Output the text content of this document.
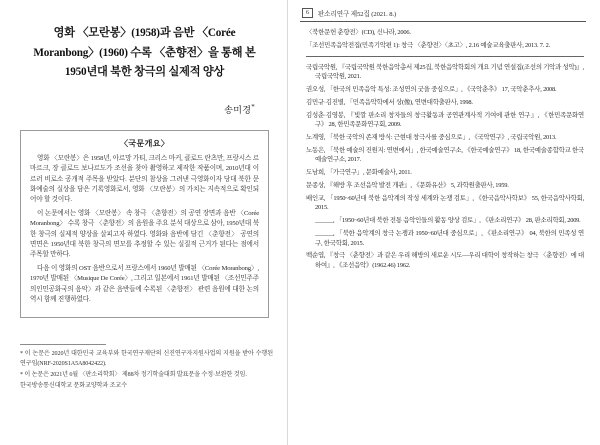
영화 〈모란봉〉(1958)과 음반 〈Corée
Moranbong〉(1960) 수록 〈춘향전〉을 통해 본
1950년대 북한 창극의 실제적 양상
송미경*
〈국문개요〉

영화 〈모란봉〉은 1958년, 아르망 가티, 크리스 마커, 클로드 란츠만, 프랑시스 르마르크, 장 클로드 보나르도가 조선을 찾아 촬영하고 제작한 작품이며, 2010년대 이르러 비로소 공개적 주목을 받았다. 분단의 참상을 그려낸 극영화이자 당대 북한 문화예술의 실상을 담은 기록영화로서, 영화 〈모란봉〉의 가치는 지속적으로 확인되어야 할 것이다.

이 논문에서는 영화 〈모란봉〉 속 창극 〈춘향전〉의 공연 장면과 음반 〈Corée Moranbong〉 수록 창극 〈춘향전〉의 음원을 주요 분석 대상으로 삼아, 1950년대 북한 창극의 실제적 양상을 살피고자 하였다. 영화와 음반에 담긴 〈춘향전〉 공연의 면면은 1950년대 북한 창극의 면모를 추정할 수 있는 실질적 근거가 된다는 점에서 주목할 만하다.

다음 이 영화의 OST 음반으로서 프랑스에서 1960년 발매된 〈Corée Moranbong〉, 1970년 발매된 〈Musique De Corée〉, 그리고 일본에서 1961년 발매된 〈조선민주주의인민공화국의 음악〉과 같은 음반들에 수록된 〈춘향전〉 관련 음원에 대한 논의 역시 함께 진행하였다.

* 이 논문은 2020년 대한민국 교육부와 한국연구재단의 신진연구자지원사업의 지원을 받아 수행된 연구임(NRF-2020S1A5A8042422).

* 이 논문은 2021년 6월 〈판소리학회〉 제88차 정기학술대회 발표문을 수정·보완한 것임.

한국방송통신대학교 문화교양학과 조교수

6	판소리연구 제52집 (2021. 8.)
〈북한문헌 춘향전〉(CD), 신나라, 2006.
「조선민족음악전집(민족기악편 1): 창극 〈춘향전〉〈초고〉, 2.16 예술교육출판사, 2013. 7. 2.
국립국악원, 『국립국악원 북한음악총서 제25집, 북한음악학회의 개요 기념 연설집(조선의 기악과 성악)』, 국립국악원, 2021.
권오성, 「한국의 민족음악 특성: 조성연의 굿을 중심으로」, 《국악춘추》 17, 국악춘추사, 2008.
김민규·김진별, 「민족음악학에서 상(像), 연변대학출판사, 1998.
김성춘·김영봉, 『빛깔 판소리 창자들의 창극활동과 공연관계사적 기여에 관한 연구』, 《한민족문화연구》 28, 한민족문화연구회, 2009.
노계영, 「북한 국악의 존재 방식: 근현대 창극사를 중심으로」, 《국악연구》, 국립국악원, 2013.
노동은, 「북한 예술의 진원지: 연변에서」, 한국예술연구소, 《한국예술연구》 18, 한국예술종합학교 한국예술연구소, 2017.
도남희, 「가극연구」, 문화예술사, 2011.
문종상, 『해방 후 조선음악 발전 개관』, 《문화유산》 5, 과학원출판사, 1959.
배인교, 「1950~60년대 북한 음악계의 작성 세계와 논쟁 검토」, 《한국음악사학보》 55, 한국음악사학회, 2015.
______, 「1950~60년대 북한 전통 음악인들의 활동 양상 검토」, 《판소리연구》 28, 판소리학회, 2009.
______, 「북한 음악계의 창극 논쟁과 1950~60년대 중심으로」, 《판소리연구》 04, 북한의 민족성 연구, 한국학회, 2015.
백순엽, 『창극 〈춘향전〉과 같은 우리 해방의 새로운 시도—우리 대학이 창작하는 창극 〈춘향전〉에 대하여』, 《조선음악》(1962.46) 1962.
